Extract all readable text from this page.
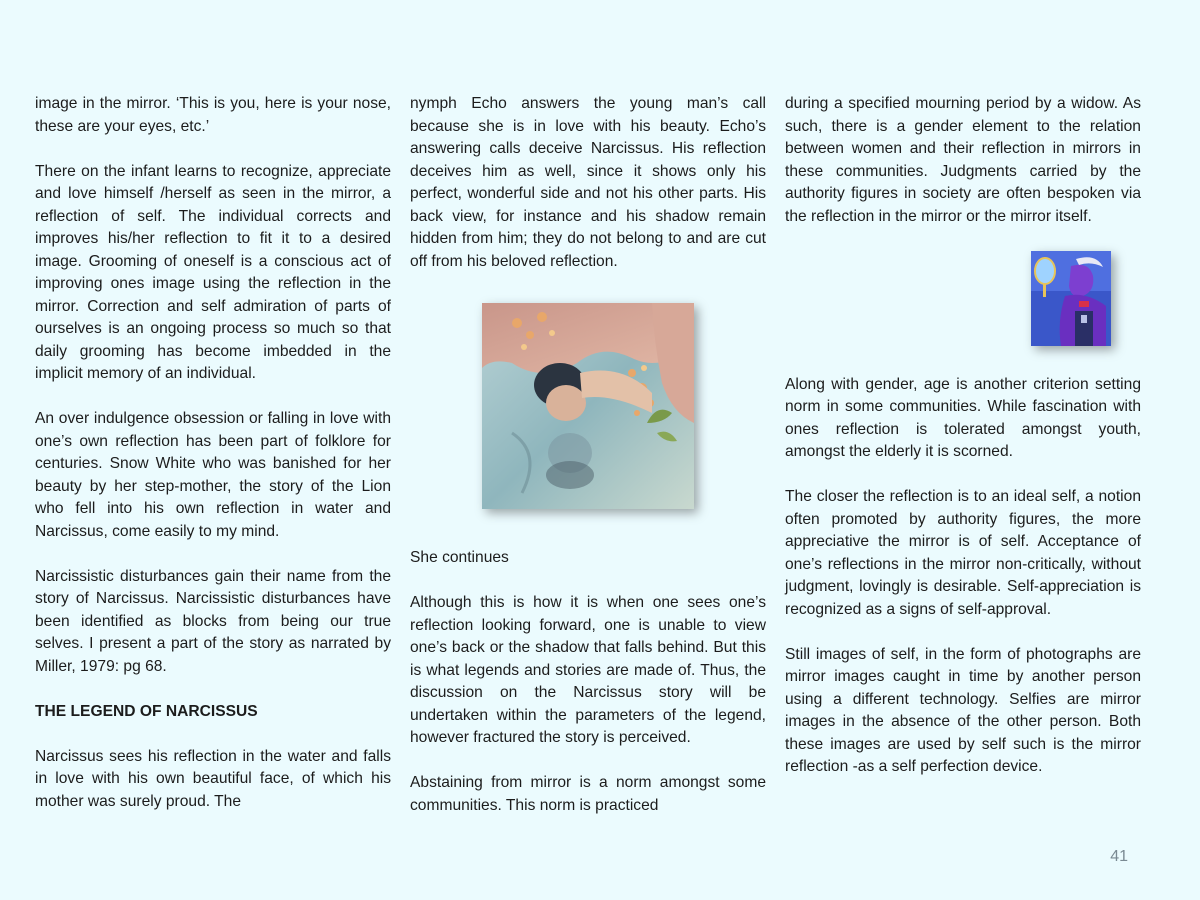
image in the mirror. ‘This is you, here is your nose, these are your eyes, etc.’

There on the infant learns to recognize, appreciate and love himself /herself as seen in the mirror, a reflection of self. The individual corrects and improves his/her reflection to fit it to a desired image. Grooming of oneself is a conscious act of improving ones image using the reflection in the mirror. Correction and self admiration of parts of ourselves is an ongoing process so much so that daily grooming has become imbedded in the implicit memory of an individual.

An over indulgence obsession or falling in love with one’s own reflection has been part of folklore for centuries. Snow White who was banished for her beauty by her step-mother, the story of the Lion who fell into his own reflection in water and Narcissus, come easily to my mind.

Narcissistic disturbances gain their name from the story of Narcissus. Narcissistic disturbances have been identified as blocks from being our true selves. I present a part of the story as narrated by Miller, 1979: pg 68.

THE LEGEND OF NARCISSUS

Narcissus sees his reflection in the water and falls in love with his own beautiful face, of which his mother was surely proud. The

nymph Echo answers the young man’s call because she is in love with his beauty. Echo’s answering calls deceive Narcissus. His reflection deceives him as well, since it shows only his perfect, wonderful side and not his other parts. His back view, for instance and his shadow remain hidden from him; they do not belong to and are cut off from his beloved reflection.

She continues

Although this is how it is when one sees one’s reflection looking forward, one is unable to view one’s back or the shadow that falls behind. But this is what legends and stories are made of. Thus, the discussion on the Narcissus story will be undertaken within the parameters of the legend, however fractured the story is perceived.

Abstaining from mirror is a norm amongst some communities. This norm is practiced

during a specified mourning period by a widow. As such, there is a gender element to the relation between women and their reflection in mirrors in these communities. Judgments carried by the authority figures in society are often bespoken via the reflection in the mirror or the mirror itself.

Along with gender, age is another criterion setting norm in some communities. While fascination with ones reflection is tolerated amongst youth, amongst the elderly it is scorned.

The closer the reflection is to an ideal self, a notion often promoted by authority figures, the more appreciative the mirror is of self. Acceptance of one’s reflections in the mirror non-critically, without judgment, lovingly is desirable. Self-appreciation is recognized as a signs of self-approval.

Still images of self, in the form of photographs are mirror images caught in time by another person using a different technology. Selfies are mirror images in the absence of the other person. Both these images are used by self such is the mirror reflection -as a self perfection device.

41
